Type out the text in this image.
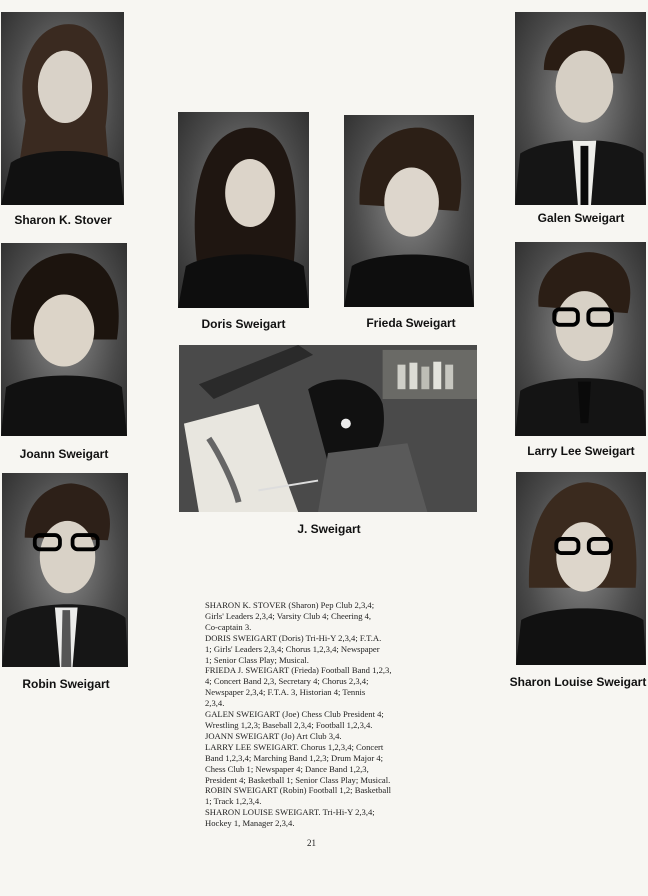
Sharon K. Stover
Doris Sweigart	Frieda Sweigart
Galen Sweigart
Joann Sweigart	Larry Lee Sweigart
J. Sweigart
Robin Sweigart	Sharon Louise Sweigart

SHARON K. STOVER (Sharon) Pep Club 2,3,4;

Girls' Leaders 2,3,4; Varsity Club 4; Cheering 4,

Co-captain 3.

DORIS SWEIGART (Doris) Tri-Hi-Y 2,3,4; F.T.A.

1; Girls' Leaders 2,3,4; Chorus 1,2,3,4; Newspaper

1; Senior Class Play; Musical.

FRIEDA J. SWEIGART (Frieda) Football Band 1,2,3,

4; Concert Band 2,3, Secretary 4; Chorus 2,3,4;

Newspaper 2,3,4; F.T.A. 3, Historian 4; Tennis

2,3,4.

GALEN SWEIGART (Joe) Chess Club President 4;

Wrestling 1,2,3; Baseball 2,3,4; Football 1,2,3,4.

JOANN SWEIGART (Jo) Art Club 3,4.

LARRY LEE SWEIGART. Chorus 1,2,3,4; Concert

Band 1,2,3,4; Marching Band 1,2,3; Drum Major 4;

Chess Club 1; Newspaper 4; Dance Band 1,2,3,

President 4; Basketball 1; Senior Class Play; Musical.

ROBIN SWEIGART (Robin) Football 1,2; Basketball

1; Track 1,2,3,4.

SHARON LOUISE SWEIGART. Tri-Hi-Y 2,3,4;

Hockey 1, Manager 2,3,4.

21
